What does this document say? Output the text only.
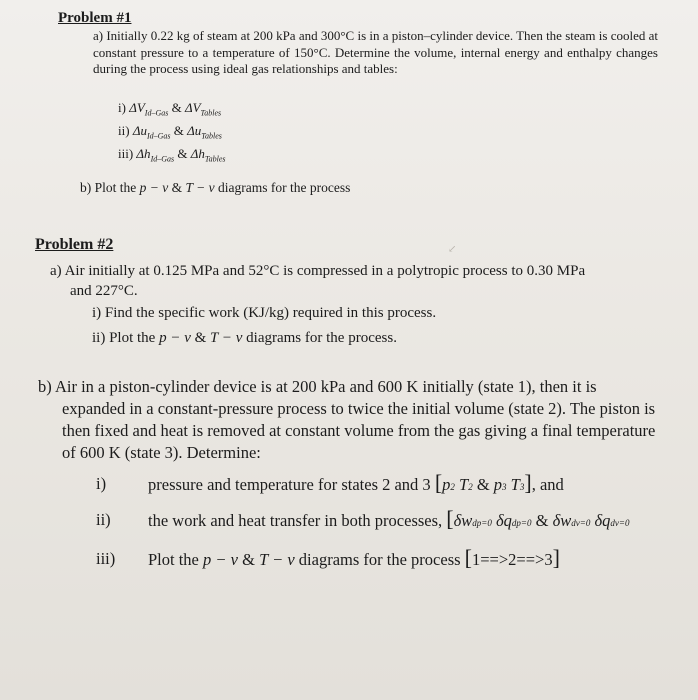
Problem #1
a) Initially 0.22 kg of steam at 200 kPa and 300°C is in a piston–cylinder device. Then the steam is cooled at constant pressure to a temperature of 150°C. Determine the volume, internal energy and enthalpy changes during the process using ideal gas relationships and tables:
i) $\Delta V_{Id-Gas}$ & $\Delta V_{Tables}$
ii) $\Delta u_{Id-Gas}$ & $\Delta u_{Tables}$
iii) $\Delta h_{Id-Gas}$ & $\Delta h_{Tables}$
b) Plot the p − v & T − v diagrams for the process
↙
Problem #2
a) Air initially at 0.125 MPa and 52°C is compressed in a polytropic process to 0.30 MPa
and 227°C.
i) Find the specific work (KJ/kg) required in this process.
ii) Plot the p − v & T − v diagrams for the process.
b) Air in a piston-cylinder device is at 200 kPa and 600 K initially (state 1), then it is
expanded in a constant-pressure process to twice the initial volume (state 2). The piston is
then fixed and heat is removed at constant volume from the gas giving a final temperature
of 600 K (state 3). Determine:
i)	pressure and temperature for states 2 and 3 [p2 T2 & p3 T3], and
ii) the work and heat transfer in both processes, [δwdp=0 δqdp=0 & δwdv=0 δqdv=0
iii) Plot the p − v & T − v diagrams for the process [1==>2==>3]
